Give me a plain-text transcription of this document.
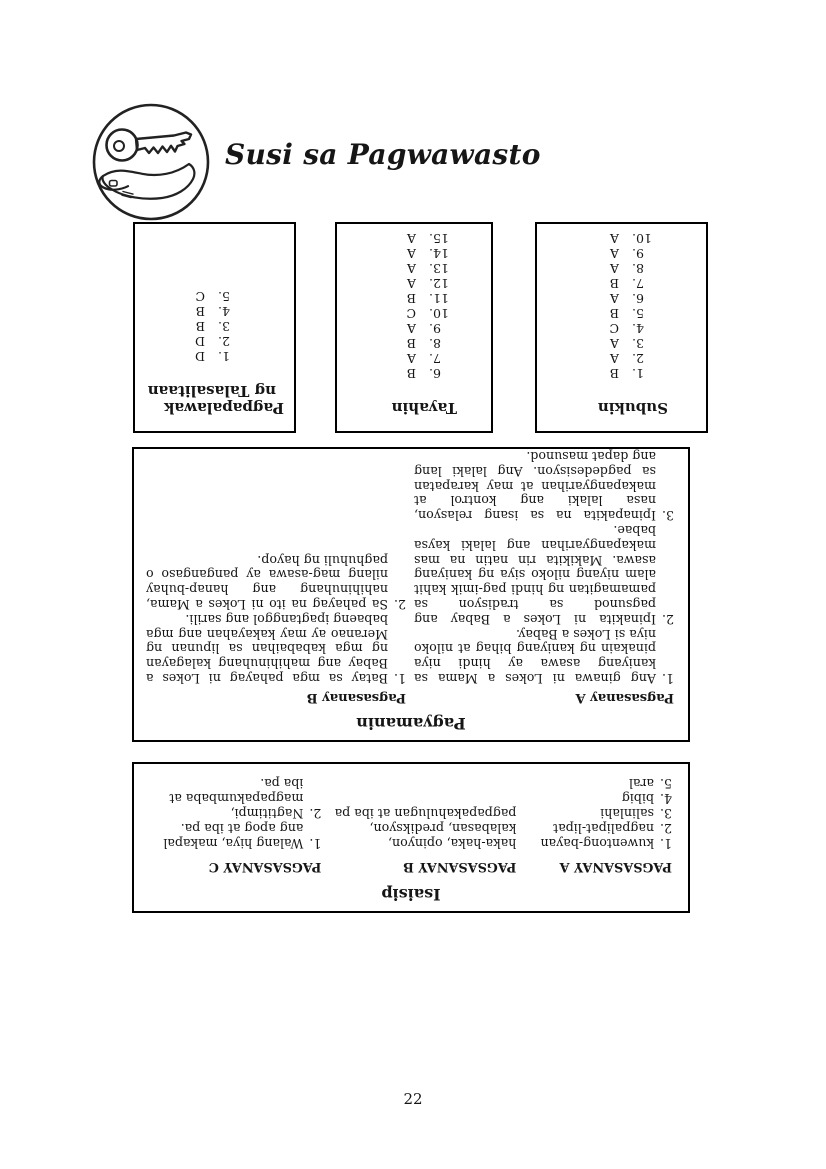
Susi sa Pagwawasto
Subukin
1.
B
2.
A
3.
A
4.
C
5.
B
6.
A
7.
B
8.
A
9.
A
10.
A
Tayahin
6.
B
7.
A
8.
B
9.
A
10.
C
11.
B
12.
A
13.
A
14.
A
15.
A
Pagpapalawak
ng Talasalitaan
1.
D
2.
D
3.
B
4.
B
5.
C
Pagyamanin
Pagsasanay A
1.
Ang ginawa ni Lokes a Mama sa kaniyang asawa ay hindi niya pinakain ng kaniyang bihag at niloko niya si Lokes a Babay.
2.
Ipinakita ni Lokes a Babay ang pagsunod sa tradisyon sa pamamagitan ng hindi pag-imik kahit alam niyang niloko siya ng kaniyang asawa. Makikita rin natin na mas makapangyarihan ang lalaki kaysa babae.
3.
Ipinapakita na sa isang relasyon, nasa lalaki ang kontrol at makapangyarihan at may karapatan sa pagdedesisyon. Ang lalaki lang ang dapat masunod.
Pagsasanay B
1.
Batay sa mga pahayag ni Lokes a Babay ang mahihinuhang kalagayan ng mga kababaihan sa lipunan ng Meranao ay may kakayahan ang mga babaeng ipagtanggol ang sarili.
2.
Sa pahayag na ito ni Lokes a Mama, nahihinuhang ang hanap-buhay nilang mag-asawa ay pangangaso o paghuhuli ng hayop.
Isaisip
PAGSASANAY A
1.
kuwentong-bayan
2.
nagpalipat-lipat
3.
salinlahi
4.
bibig
5.
aral
PAGSASANAY B

haka-haka, opinyon, kalabasan, prediksyon, pagpapakahulugan at iba pa

PAGSASANAY C
1.
Walang hiya, makapal ang apog at iba pa.
2.
Nagtitimpi, magpapakumbaba at iba pa.
22
